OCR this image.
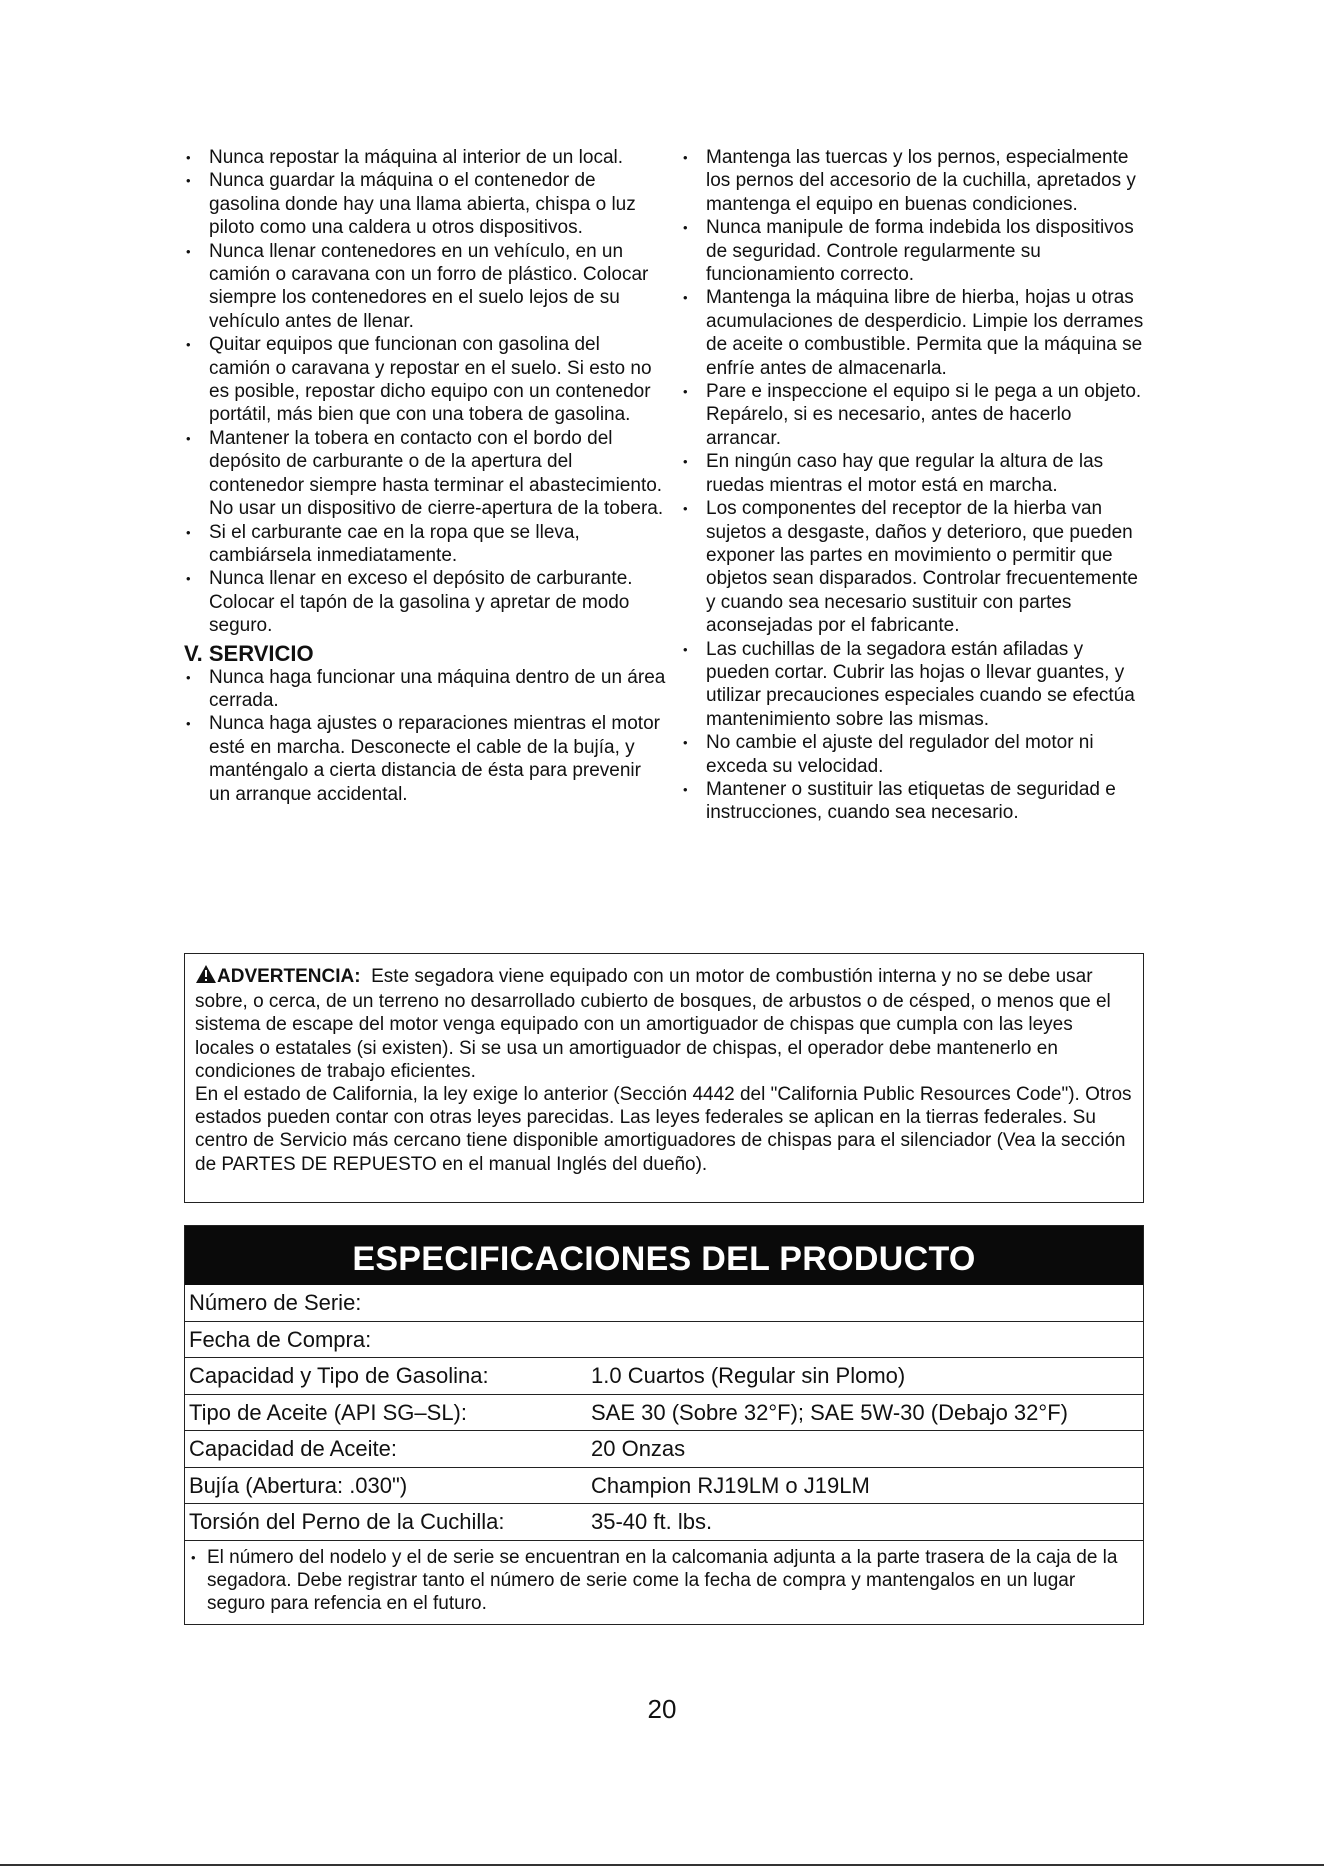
• Nunca repostar la máquina al interior de un local.
• Nunca guardar la máquina o el contenedor de gasolina donde hay una llama abierta, chispa o luz piloto como una caldera u otros dispositivos.
• Nunca llenar contenedores en un vehículo, en un camión o caravana con un forro de plástico. Colocar siempre los contenedores en el suelo lejos de su vehículo antes de llenar.
• Quitar equipos que funcionan con gasolina del camión o caravana y repostar en el suelo. Si esto no es posible, repostar dicho equipo con un contenedor portátil, más bien que con una tobera de gasolina.
• Mantener la tobera en contacto con el bordo del depósito de carburante o de la apertura del contenedor siempre hasta terminar el abastecimiento. No usar un dispositivo de cierre-apertura de la tobera.
• Si el carburante cae en la ropa que se lleva, cambiársela inmediatamente.
• Nunca llenar en exceso el depósito de carburante. Colocar el tapón de la gasolina y apretar de modo seguro.
V. SERVICIO
• Nunca haga funcionar una máquina dentro de un área cerrada.
• Nunca haga ajustes o reparaciones mientras el motor esté en marcha. Desconecte el cable de la bujía, y manténgalo a cierta distancia de ésta para prevenir un arranque accidental.
• Mantenga las tuercas y los pernos, especialmente los pernos del accesorio de la cuchilla, apretados y mantenga el equipo en buenas condiciones.
• Nunca manipule de forma indebida los dispositivos de seguridad. Controle regularmente su funcionamiento correcto.
• Mantenga la máquina libre de hierba, hojas u otras acumulaciones de desperdicio. Limpie los derrames de aceite o combustible. Permita que la máquina se enfríe antes de almacenarla.
• Pare e inspeccione el equipo si le pega a un objeto. Repárelo, si es necesario, antes de hacerlo arrancar.
• En ningún caso hay que regular la altura de las ruedas mientras el motor está en marcha.
• Los componentes del receptor de la hierba van sujetos a desgaste, daños y deterioro, que pueden exponer las partes en movimiento o permitir que objetos sean disparados. Controlar frecuentemente y cuando sea necesario sustituir con partes aconsejadas por el fabricante.
• Las cuchillas de la segadora están afiladas y pueden cortar. Cubrir las hojas o llevar guantes, y utilizar precauciones especiales cuando se efectúa mantenimiento sobre las mismas.
• No cambie el ajuste del regulador del motor ni exceda su velocidad.
• Mantener o sustituir las etiquetas de seguridad e instrucciones, cuando sea necesario.

ADVERTENCIA: Este segadora viene equipado con un motor de combustión interna y no se debe usar sobre, o cerca, de un terreno no desarrollado cubierto de bosques, de arbustos o de césped, o menos que el sistema de escape del motor venga equipado con un amortiguador de chispas que cumpla con las leyes locales o estatales (si existen). Si se usa un amortiguador de chispas, el operador debe mantenerlo en condiciones de trabajo eficientes.

En el estado de California, la ley exige lo anterior (Sección 4442 del "California Public Resources Code"). Otros estados pueden contar con otras leyes parecidas. Las leyes federales se aplican en la tierras federales. Su centro de Servicio más cercano tiene disponible amortiguadores de chispas para el silenciador (Vea la sección de PARTES DE REPUESTO en el manual Inglés del dueño).

ESPECIFICACIONES DEL PRODUCTO
Número de Serie:
Fecha de Compra:
Capacidad y Tipo de Gasolina:	1.0 Cuartos (Regular sin Plomo)
Tipo de Aceite (API SG–SL):	SAE 30 (Sobre 32°F); SAE 5W-30 (Debajo 32°F)
Capacidad de Aceite:	20 Onzas
Bujía (Abertura: .030")	Champion RJ19LM o J19LM
Torsión del Perno de la Cuchilla:	35-40 ft. lbs.
• El número del nodelo y el de serie se encuentran en la calcomania adjunta a la parte trasera de la caja de la segadora. Debe registrar tanto el número de serie come la fecha de compra y mantengalos en un lugar seguro para refencia en el futuro.
20
